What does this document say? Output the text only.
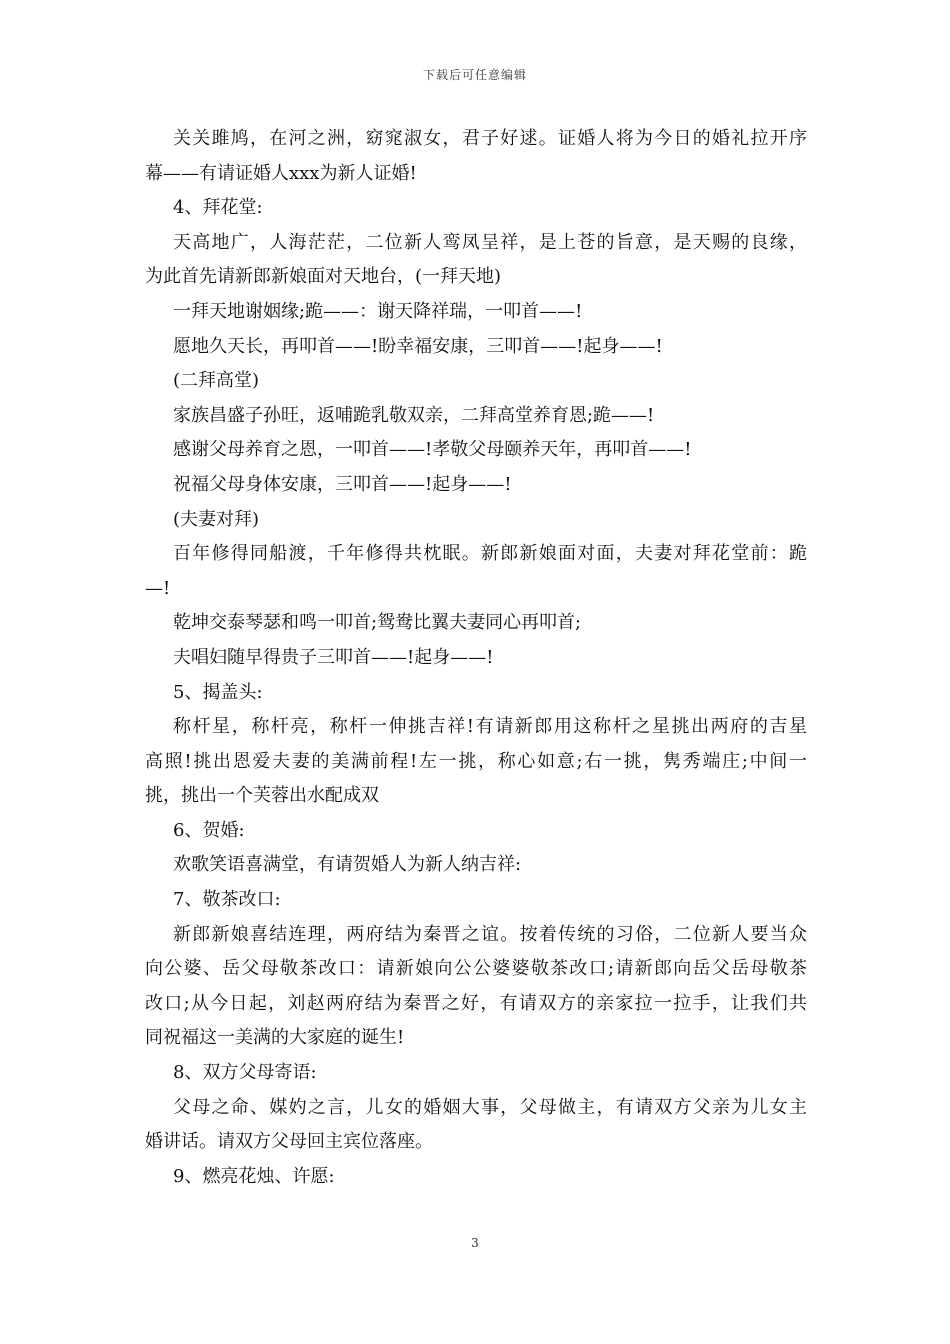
下载后可任意编辑
关关雎鸠，在河之洲，窈窕淑女，君子好逑。证婚人将为今日的婚礼拉开序
幕——有请证婚人xxx为新人证婚!
4、拜花堂:
天高地广，人海茫茫，二位新人鸾凤呈祥，是上苍的旨意，是天赐的良缘，
为此首先请新郎新娘面对天地台，(一拜天地)
一拜天地谢姻缘;跪——：谢天降祥瑞，一叩首——!
愿地久天长，再叩首——!盼幸福安康，三叩首——!起身——!
(二拜高堂)
家族昌盛子孙旺，返哺跪乳敬双亲，二拜高堂养育恩;跪——!
感谢父母养育之恩，一叩首——!孝敬父母颐养天年，再叩首——!
祝福父母身体安康，三叩首——!起身——!
(夫妻对拜)
百年修得同船渡，千年修得共枕眠。新郎新娘面对面，夫妻对拜花堂前：跪
—!
乾坤交泰琴瑟和鸣一叩首;鸳鸯比翼夫妻同心再叩首;
夫唱妇随早得贵子三叩首——!起身——!
5、揭盖头:
称杆星，称杆亮，称杆一伸挑吉祥!有请新郎用这称杆之星挑出两府的吉星
高照!挑出恩爱夫妻的美满前程!左一挑，称心如意;右一挑，隽秀端庄;中间一
挑，挑出一个芙蓉出水配成双
6、贺婚:
欢歌笑语喜满堂，有请贺婚人为新人纳吉祥:
7、敬茶改口:
新郎新娘喜结连理，两府结为秦晋之谊。按着传统的习俗，二位新人要当众
向公婆、岳父母敬茶改口：请新娘向公公婆婆敬茶改口;请新郎向岳父岳母敬茶
改口;从今日起，刘赵两府结为秦晋之好，有请双方的亲家拉一拉手，让我们共
同祝福这一美满的大家庭的诞生!
8、双方父母寄语:
父母之命、媒妁之言，儿女的婚姻大事，父母做主，有请双方父亲为儿女主
婚讲话。请双方父母回主宾位落座。
9、燃亮花烛、许愿:
3
